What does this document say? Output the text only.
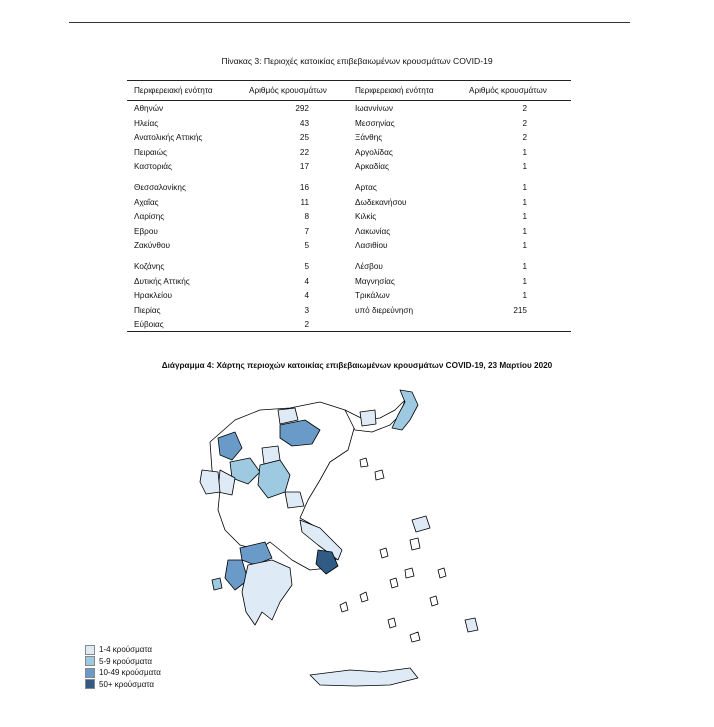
Πίνακας 3: Περιοχές κατοικίας επιβεβαιωμένων κρουσμάτων COVID-19
Περιφερειακή ενότητα	Αριθμός κρουσμάτων	Περιφερειακή ενότητα	Αριθμός κρουσμάτων
Αθηνών	292	Ιωαννίνων	2
Ηλείας	43	Μεσσηνίας	2
Ανατολικής Αττικής	25	Ξάνθης	2
Πειραιώς	22	Αργολίδας	1
Καστοριάς	17	Αρκαδίας	1
Θεσσαλονίκης	16	Αρτας	1
Αχαΐας	11	Δωδεκανήσου	1
Λαρίσης	8	Κιλκίς	1
Εβρου	7	Λακωνίας	1
Ζακύνθου	5	Λασιθίου	1
Κοζάνης	5	Λέσβου	1
Δυτικής Αττικής	4	Μαγνησίας	1
Ηρακλείου	4	Τρικάλων	1
Πιερίας	3	υπό διερεύνηση	215
Εύβοιας	2
Διάγραμμα 4: Χάρτης περιοχών κατοικίας επιβεβαιωμένων κρουσμάτων COVID-19, 23 Μαρτίου 2020
1-4 κρούσματα
5-9 κρούσματα
10-49 κρούσματα
50+ κρούσματα
